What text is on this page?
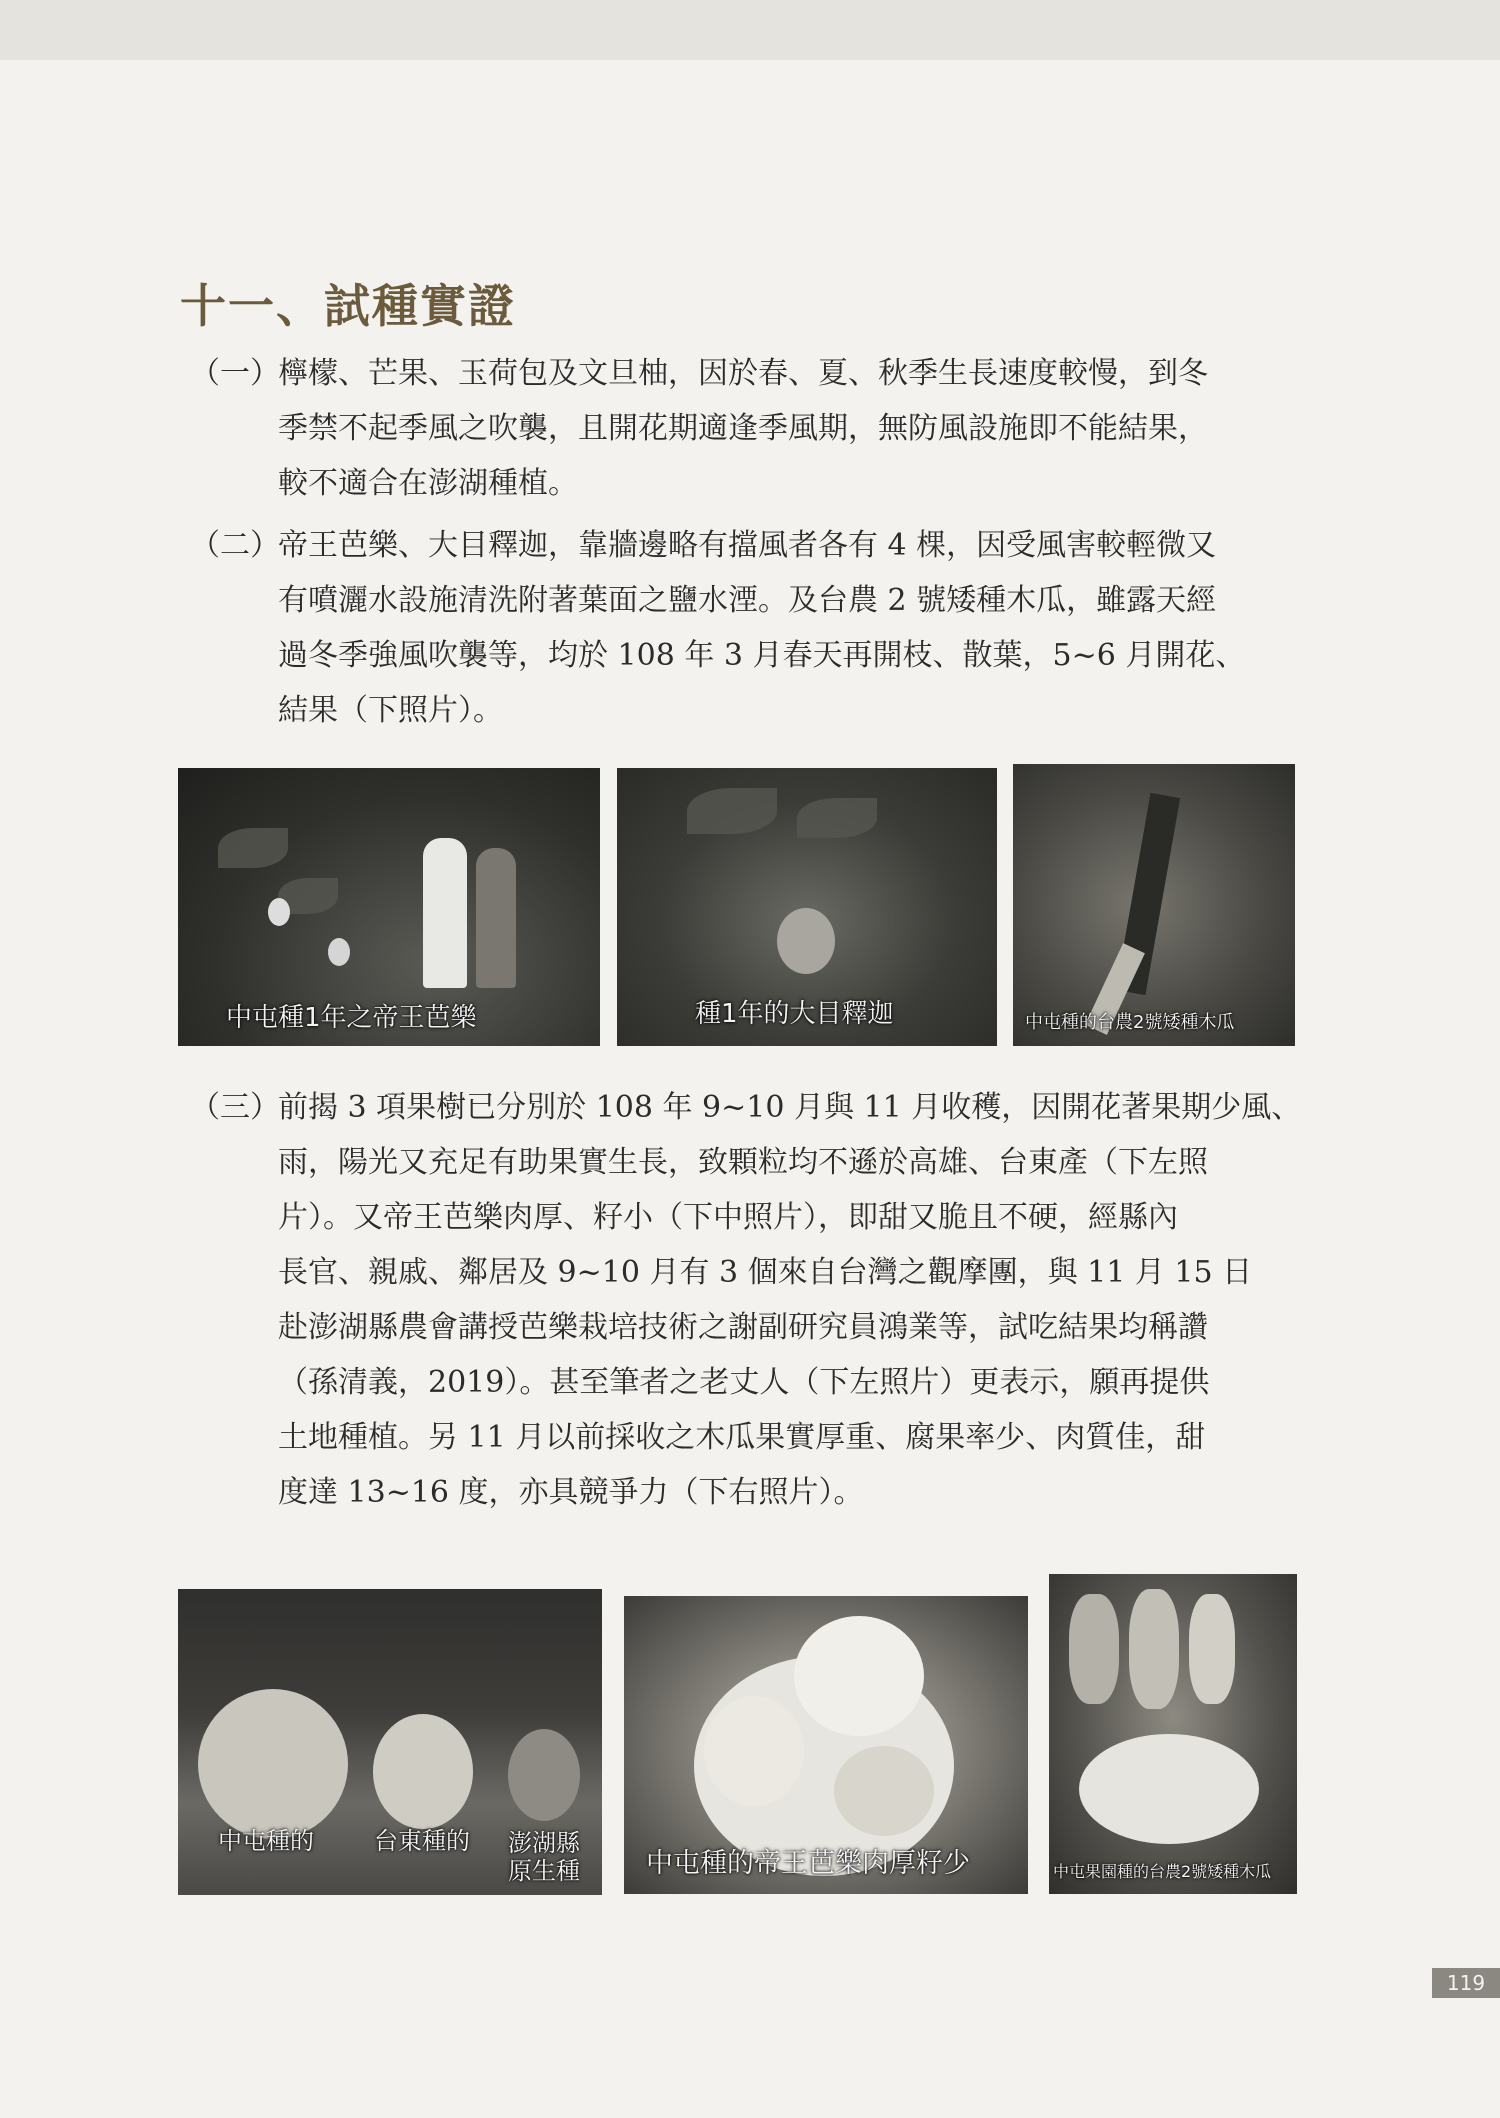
十一、試種實證
（一）
檸檬、芒果、玉荷包及文旦柚，因於春、夏、秋季生長速度較慢，到冬
季禁不起季風之吹襲，且開花期適逢季風期，無防風設施即不能結果，
較不適合在澎湖種植。
（二）
帝王芭樂、大目釋迦，靠牆邊略有擋風者各有 4 棵，因受風害較輕微又
有噴灑水設施清洗附著葉面之鹽水湮。及台農 2 號矮種木瓜，雖露天經
過冬季強風吹襲等，均於 108 年 3 月春天再開枝、散葉，5~6 月開花、
結果（下照片）。
中屯種1年之帝王芭樂	種1年的大目釋迦	中屯種的台農2號矮種木瓜
（三）
前揭 3 項果樹已分別於 108 年 9~10 月與 11 月收穫，因開花著果期少風、
雨，陽光又充足有助果實生長，致顆粒均不遜於高雄、台東產（下左照
片）。又帝王芭樂肉厚、籽小（下中照片），即甜又脆且不硬，經縣內
長官、親戚、鄰居及 9~10 月有 3 個來自台灣之觀摩團，與 11 月 15 日
赴澎湖縣農會講授芭樂栽培技術之謝副研究員鴻業等，試吃結果均稱讚
（孫清義，2019）。甚至筆者之老丈人（下左照片）更表示，願再提供
土地種植。另 11 月以前採收之木瓜果實厚重、腐果率少、肉質佳，甜
度達 13~16 度，亦具競爭力（下右照片）。
中屯種的	台東種的 澎湖縣
原生種 中屯種的帝王芭樂肉厚籽少	中屯果園種的台農2號矮種木瓜
119
